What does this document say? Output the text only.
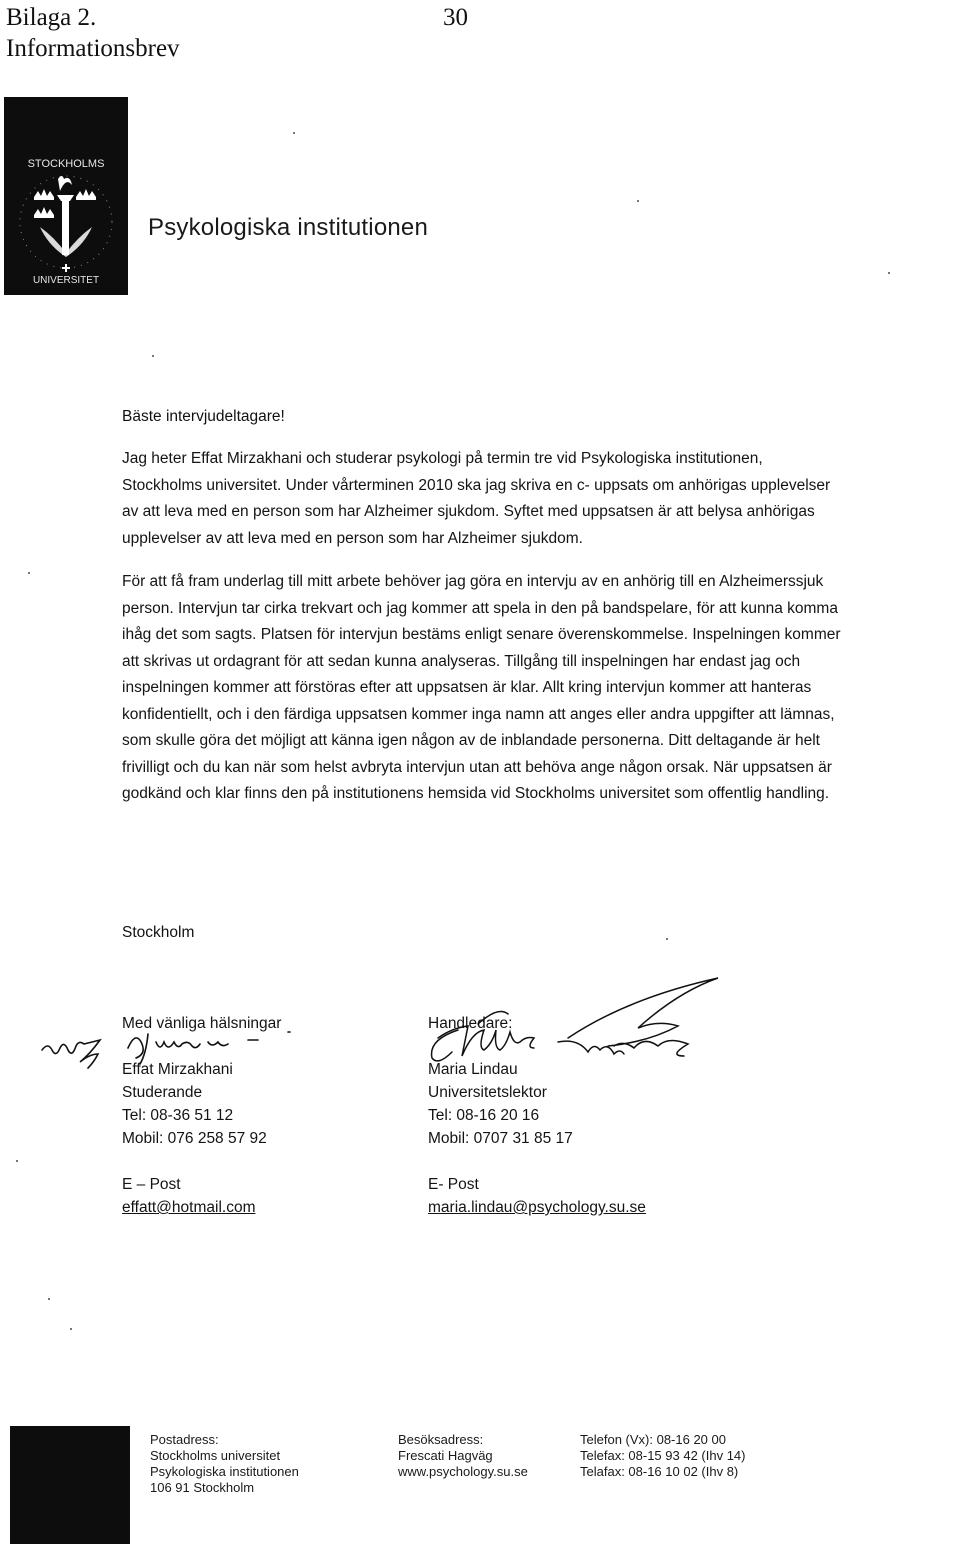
Bilaga 2.
Informationsbrev
30
STOCKHOLMS
UNIVERSITET
Psykologiska institutionen
Bäste intervjudeltagare!
Jag heter Effat Mirzakhani och studerar psykologi på termin tre vid Psykologiska institutionen, Stockholms universitet. Under vårterminen 2010 ska jag skriva en c- uppsats om anhörigas upplevelser av att leva med en person som har Alzheimer sjukdom. Syftet med uppsatsen är att belysa anhörigas upplevelser av att leva med en person som har Alzheimer sjukdom.
För att få fram underlag till mitt arbete behöver jag göra en intervju av en anhörig till en Alzheimerssjuk person. Intervjun tar cirka trekvart och jag kommer att spela in den på bandspelare, för att kunna komma ihåg det som sagts. Platsen för intervjun bestäms enligt senare överenskommelse. Inspelningen kommer att skrivas ut ordagrant för att sedan kunna analyseras. Tillgång till inspelningen har endast jag och inspelningen kommer att förstöras efter att uppsatsen är klar. Allt kring intervjun kommer att hanteras konfidentiellt, och i den färdiga uppsatsen kommer inga namn att anges eller andra uppgifter att lämnas, som skulle göra det möjligt att känna igen någon av de inblandade personerna. Ditt deltagande är helt frivilligt och du kan när som helst avbryta intervjun utan att behöva ange någon orsak. När uppsatsen är godkänd och klar finns den på institutionens hemsida vid Stockholms universitet som offentlig handling.
Stockholm
Med vänliga hälsningar
Effat Mirzakhani
Studerande
Tel: 08-36 51 12
Mobil: 076 258 57 92
E – Post
effatt@hotmail.com
Handledare:
Maria Lindau
Universitetslektor
Tel: 08-16 20 16
Mobil: 0707 31 85 17
E- Post
maria.lindau@psychology.su.se
Postadress:
Stockholms universitet
Psykologiska institutionen
106 91 Stockholm
Besöksadress:
Frescati Hagväg
www.psychology.su.se
Telefon (Vx): 08-16 20 00
Telefax: 08-15 93 42 (Ihv 14)
Telafax: 08-16 10 02 (Ihv 8)
